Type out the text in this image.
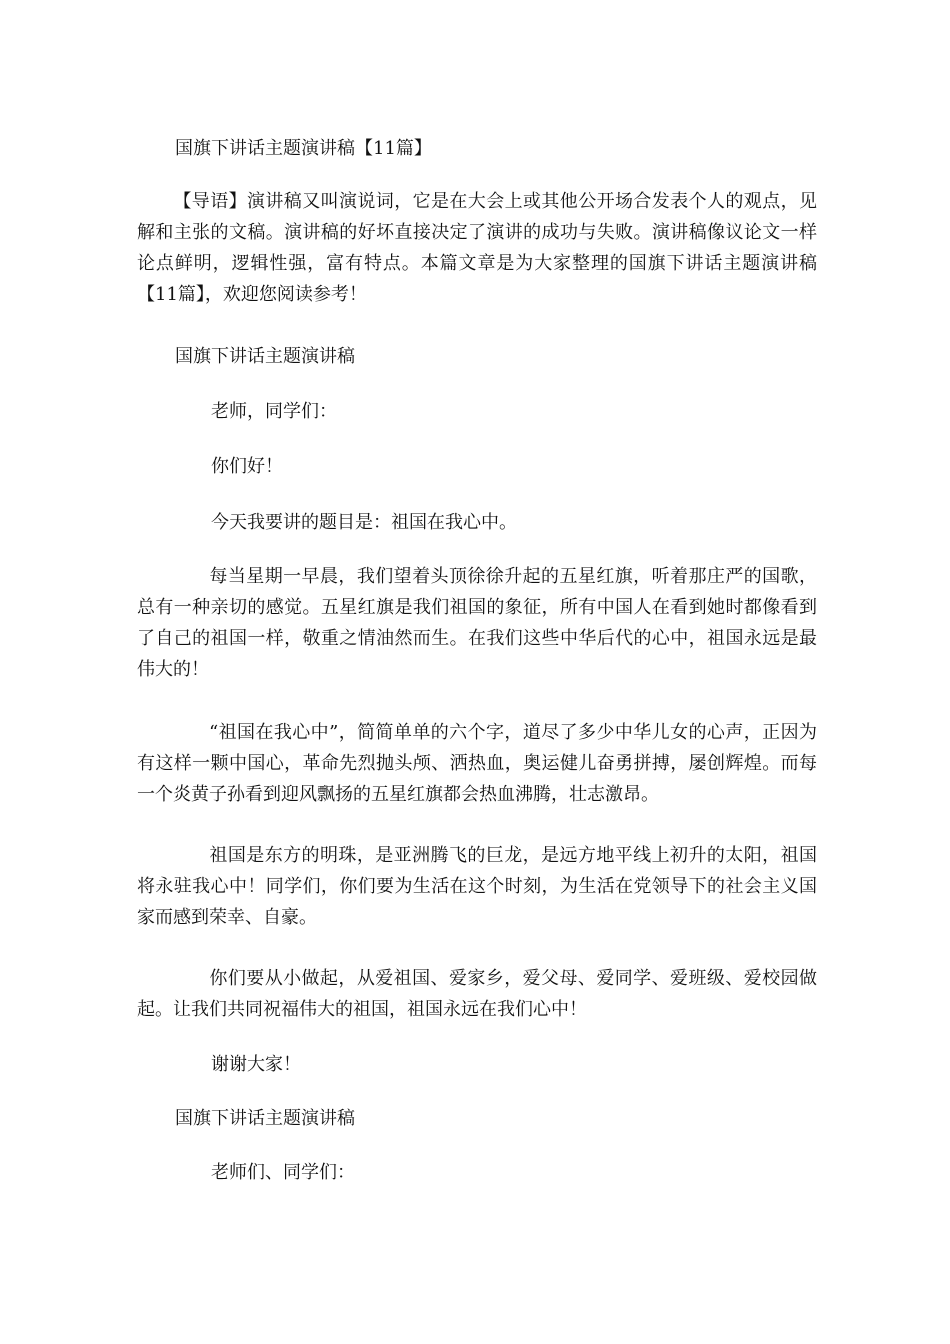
国旗下讲话主题演讲稿【11篇】

【导语】演讲稿又叫演说词，它是在大会上或其他公开场合发表个人的观点，见解和主张的文稿。演讲稿的好坏直接决定了演讲的成功与失败。演讲稿像议论文一样论点鲜明，逻辑性强，富有特点。本篇文章是为大家整理的国旗下讲话主题演讲稿【11篇】，欢迎您阅读参考！

国旗下讲话主题演讲稿

老师，同学们：

你们好！

今天我要讲的题目是：祖国在我心中。

每当星期一早晨，我们望着头顶徐徐升起的五星红旗，听着那庄严的国歌，总有一种亲切的感觉。五星红旗是我们祖国的象征，所有中国人在看到她时都像看到了自己的祖国一样，敬重之情油然而生。在我们这些中华后代的心中，祖国永远是最 伟大的！

“祖国在我心中”，简简单单的六个字，道尽了多少中华儿女的心声，正因为有这样一颗中国心，革命先烈抛头颅、洒热血，奥运健儿奋勇拼搏，屡创辉煌。而每一个炎黄子孙看到迎风飘扬的五星红旗都会热血沸腾，壮志激昂。

祖国是东方的明珠，是亚洲腾飞的巨龙，是远方地平线上初升的太阳，祖国将永驻我心中！同学们，你们要为生活在这个时刻，为生活在党领导下的社会主义国家而感到荣幸、自豪。

你们要从小做起，从爱祖国、爱家乡，爱父母、爱同学、爱班级、爱校园做起。让我们共同祝福伟大的祖国，祖国永远在我们心中！

谢谢大家！

国旗下讲话主题演讲稿

老师们、同学们：
